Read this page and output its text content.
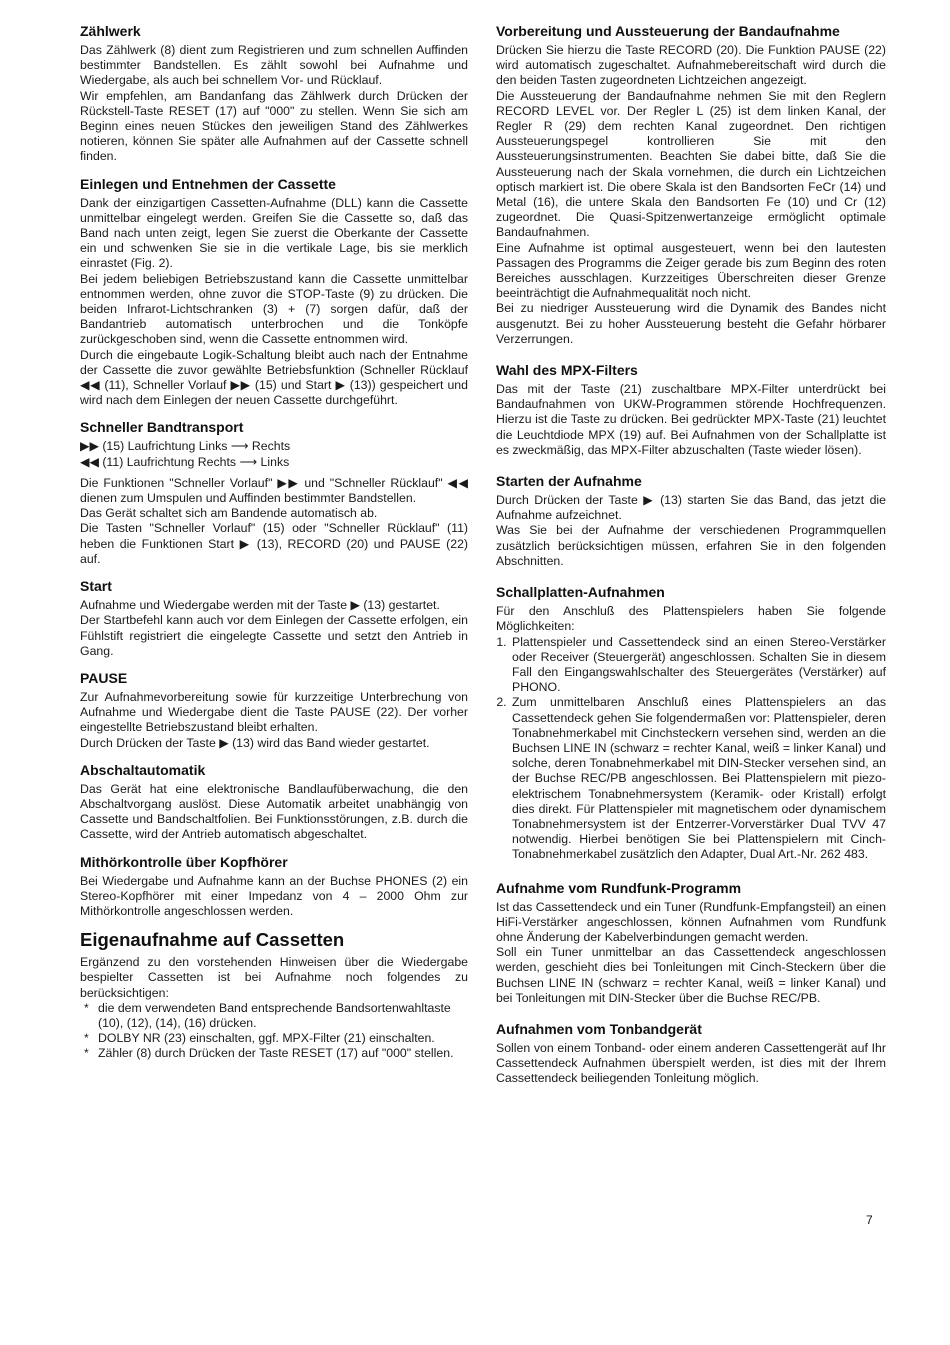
Zählwerk

Das Zählwerk (8) dient zum Registrieren und zum schnellen Auffinden bestimmter Bandstellen. Es zählt sowohl bei Aufnahme und Wiedergabe, als auch bei schnellem Vor- und Rücklauf.

Wir empfehlen, am Bandanfang das Zählwerk durch Drücken der Rückstell-Taste RESET (17) auf "000" zu stellen. Wenn Sie sich am Beginn eines neuen Stückes den jeweiligen Stand des Zählwerkes notieren, können Sie später alle Aufnahmen auf der Cassette schnell finden.

Einlegen und Entnehmen der Cassette

Dank der einzigartigen Cassetten-Aufnahme (DLL) kann die Cassette unmittelbar eingelegt werden. Greifen Sie die Cassette so, daß das Band nach unten zeigt, legen Sie zuerst die Oberkante der Cassette ein und schwenken Sie sie in die vertikale Lage, bis sie merklich einrastet (Fig. 2).

Bei jedem beliebigen Betriebszustand kann die Cassette unmittelbar entnommen werden, ohne zuvor die STOP-Taste (9) zu drücken. Die beiden Infrarot-Lichtschranken (3) + (7) sorgen dafür, daß der Bandantrieb automatisch unterbrochen und die Tonköpfe zurückgeschoben sind, wenn die Cassette entnommen wird.

Durch die eingebaute Logik-Schaltung bleibt auch nach der Entnahme der Cassette die zuvor gewählte Betriebsfunktion (Schneller Rücklauf ◀◀ (11), Schneller Vorlauf ▶▶ (15) und Start ▶ (13)) gespeichert und wird nach dem Einlegen der neuen Cassette durchgeführt.

Schneller Bandtransport
▶▶ (15) Laufrichtung Links ⟶ Rechts
◀◀ (11) Laufrichtung Rechts ⟶ Links

Die Funktionen "Schneller Vorlauf" ▶▶ und "Schneller Rücklauf" ◀◀ dienen zum Umspulen und Auffinden bestimmter Bandstellen.

Das Gerät schaltet sich am Bandende automatisch ab.

Die Tasten "Schneller Vorlauf" (15) oder "Schneller Rücklauf" (11) heben die Funktionen Start ▶ (13), RECORD (20) und PAUSE (22) auf.

Start

Aufnahme und Wiedergabe werden mit der Taste ▶ (13) gestartet.

Der Startbefehl kann auch vor dem Einlegen der Cassette erfolgen, ein Fühlstift registriert die eingelegte Cassette und setzt den Antrieb in Gang.

PAUSE

Zur Aufnahmevorbereitung sowie für kurzzeitige Unterbrechung von Aufnahme und Wiedergabe dient die Taste PAUSE (22). Der vorher eingestellte Betriebszustand bleibt erhalten.

Durch Drücken der Taste ▶ (13) wird das Band wieder gestartet.

Abschaltautomatik

Das Gerät hat eine elektronische Bandlaufüberwachung, die den Abschaltvorgang auslöst. Diese Automatik arbeitet unabhängig von Cassette und Bandschaltfolien. Bei Funktionsstörungen, z.B. durch die Cassette, wird der Antrieb automatisch abgeschaltet.

Mithörkontrolle über Kopfhörer

Bei Wiedergabe und Aufnahme kann an der Buchse PHONES (2) ein Stereo-Kopfhörer mit einer Impedanz von 4 – 2000 Ohm zur Mithörkontrolle angeschlossen werden.

Eigenaufnahme auf Cassetten

Ergänzend zu den vorstehenden Hinweisen über die Wiedergabe bespielter Cassetten ist bei Aufnahme noch folgendes zu berücksichtigen:

* die dem verwendeten Band entsprechende Bandsortenwahltaste (10), (12), (14), (16) drücken.
* DOLBY NR (23) einschalten, ggf. MPX-Filter (21) einschalten.
* Zähler (8) durch Drücken der Taste RESET (17) auf "000" stellen.
Vorbereitung und Aussteuerung der Bandaufnahme

Drücken Sie hierzu die Taste RECORD (20). Die Funktion PAUSE (22) wird automatisch zugeschaltet. Aufnahmebereitschaft wird durch die den beiden Tasten zugeordneten Lichtzeichen angezeigt.

Die Aussteuerung der Bandaufnahme nehmen Sie mit den Reglern RECORD LEVEL vor. Der Regler L (25) ist dem linken Kanal, der Regler R (29) dem rechten Kanal zugeordnet. Den richtigen Aussteuerungspegel kontrollieren Sie mit den Aussteuerungsinstrumenten. Beachten Sie dabei bitte, daß Sie die Aussteuerung nach der Skala vornehmen, die durch ein Lichtzeichen optisch markiert ist. Die obere Skala ist den Bandsorten FeCr (14) und Metal (16), die untere Skala den Bandsorten Fe (10) und Cr (12) zugeordnet. Die Quasi-Spitzenwertanzeige ermöglicht optimale Bandaufnahmen.

Eine Aufnahme ist optimal ausgesteuert, wenn bei den lautesten Passagen des Programms die Zeiger gerade bis zum Beginn des roten Bereiches ausschlagen. Kurzzeitiges Überschreiten dieser Grenze beeinträchtigt die Aufnahmequalität noch nicht.

Bei zu niedriger Aussteuerung wird die Dynamik des Bandes nicht ausgenutzt. Bei zu hoher Aussteuerung besteht die Gefahr hörbarer Verzerrungen.

Wahl des MPX-Filters

Das mit der Taste (21) zuschaltbare MPX-Filter unterdrückt bei Bandaufnahmen von UKW-Programmen störende Hochfrequenzen. Hierzu ist die Taste zu drücken. Bei gedrückter MPX-Taste (21) leuchtet die Leuchtdiode MPX (19) auf. Bei Aufnahmen von der Schallplatte ist es zweckmäßig, das MPX-Filter abzuschalten (Taste wieder lösen).

Starten der Aufnahme

Durch Drücken der Taste ▶ (13) starten Sie das Band, das jetzt die Aufnahme aufzeichnet.

Was Sie bei der Aufnahme der verschiedenen Programmquellen zusätzlich berücksichtigen müssen, erfahren Sie in den folgenden Abschnitten.

Schallplatten-Aufnahmen

Für den Anschluß des Plattenspielers haben Sie folgende Möglichkeiten:

1. Plattenspieler und Cassettendeck sind an einen Stereo-Verstärker oder Receiver (Steuergerät) angeschlossen. Schalten Sie in diesem Fall den Eingangswahlschalter des Steuergerätes (Verstärker) auf PHONO.
2. Zum unmittelbaren Anschluß eines Plattenspielers an das Cassettendeck gehen Sie folgendermaßen vor: Plattenspieler, deren Tonabnehmerkabel mit Cinchsteckern versehen sind, werden an die Buchsen LINE IN (schwarz = rechter Kanal, weiß = linker Kanal) und solche, deren Tonabnehmerkabel mit DIN-Stecker versehen sind, an der Buchse REC/PB angeschlossen. Bei Plattenspielern mit piezo-elektrischem Tonabnehmersystem (Keramik- oder Kristall) erfolgt dies direkt. Für Plattenspieler mit magnetischem oder dynamischem Tonabnehmersystem ist der Entzerrer-Vorverstärker Dual TVV 47 notwendig. Hierbei benötigen Sie bei Plattenspielern mit Cinch-Tonabnehmerkabel zusätzlich den Adapter, Dual Art.-Nr. 262 483.
Aufnahme vom Rundfunk-Programm

Ist das Cassettendeck und ein Tuner (Rundfunk-Empfangsteil) an einen HiFi-Verstärker angeschlossen, können Aufnahmen vom Rundfunk ohne Änderung der Kabelverbindungen gemacht werden.

Soll ein Tuner unmittelbar an das Cassettendeck angeschlossen werden, geschieht dies bei Tonleitungen mit Cinch-Steckern über die Buchsen LINE IN (schwarz = rechter Kanal, weiß = linker Kanal) und bei Tonleitungen mit DIN-Stecker über die Buchse REC/PB.

Aufnahmen vom Tonbandgerät

Sollen von einem Tonband- oder einem anderen Cassettengerät auf Ihr Cassettendeck Aufnahmen überspielt werden, ist dies mit der Ihrem Cassettendeck beiliegenden Tonleitung möglich.

7
